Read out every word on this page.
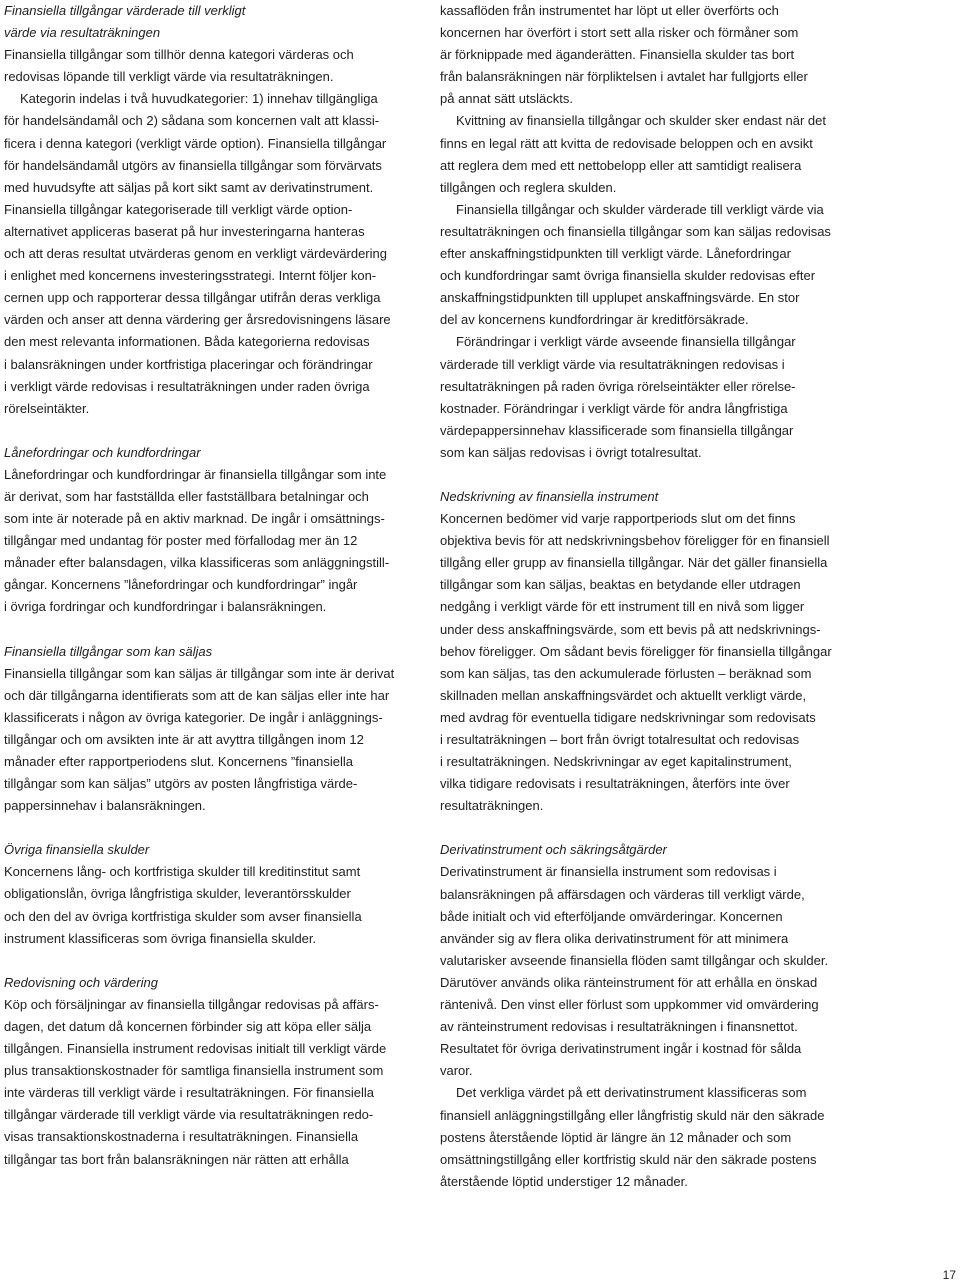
Finansiella tillgångar värderade till verkligt
värde via resultaträkningen
Finansiella tillgångar som tillhör denna kategori värderas och
redovisas löpande till verkligt värde via resultaträkningen.
Kategorin indelas i två huvudkategorier: 1) innehav tillgängliga
för handelsändamål och 2) sådana som koncernen valt att klassi-
ficera i denna kategori (verkligt värde option). Finansiella tillgångar
för handelsändamål utgörs av finansiella tillgångar som förvärvats
med huvudsyfte att säljas på kort sikt samt av derivatinstrument.
Finansiella tillgångar kategoriserade till verkligt värde option-
alternativet appliceras baserat på hur investeringarna hanteras
och att deras resultat utvärderas genom en verkligt värdevärdering
i enlighet med koncernens investeringsstrategi. Internt följer kon-
cernen upp och rapporterar dessa tillgångar utifrån deras verkliga
värden och anser att denna värdering ger årsredovisningens läsare
den mest relevanta informationen. Båda kategorierna redovisas
i balansräkningen under kortfristiga placeringar och förändringar
i verkligt värde redovisas i resultaträkningen under raden övriga
rörelseintäkter.
Lånefordringar och kundfordringar
Lånefordringar och kundfordringar är finansiella tillgångar som inte
är derivat, som har fastställda eller fastställbara betalningar och
som inte är noterade på en aktiv marknad. De ingår i omsättnings-
tillgångar med undantag för poster med förfallodag mer än 12
månader efter balansdagen, vilka klassificeras som anläggningstill-
gångar. Koncernens ”lånefordringar och kundfordringar” ingår
i övriga fordringar och kundfordringar i balansräkningen.
Finansiella tillgångar som kan säljas
Finansiella tillgångar som kan säljas är tillgångar som inte är derivat
och där tillgångarna identifierats som att de kan säljas eller inte har
klassificerats i någon av övriga kategorier. De ingår i anläggnings-
tillgångar och om avsikten inte är att avyttra tillgången inom 12
månader efter rapportperiodens slut. Koncernens ”finansiella
tillgångar som kan säljas” utgörs av posten långfristiga värde-
pappersinnehav i balansräkningen.
Övriga finansiella skulder
Koncernens lång- och kortfristiga skulder till kreditinstitut samt
obligationslån, övriga långfristiga skulder, leverantörsskulder
och den del av övriga kortfristiga skulder som avser finansiella
instrument klassificeras som övriga finansiella skulder.
Redovisning och värdering
Köp och försäljningar av finansiella tillgångar redovisas på affärs-
dagen, det datum då koncernen förbinder sig att köpa eller sälja
tillgången. Finansiella instrument redovisas initialt till verkligt värde
plus transaktionskostnader för samtliga finansiella instrument som
inte värderas till verkligt värde i resultaträkningen. För finansiella
tillgångar värderade till verkligt värde via resultaträkningen redo-
visas transaktionskostnaderna i resultaträkningen. Finansiella
tillgångar tas bort från balansräkningen när rätten att erhålla
kassaflöden från instrumentet har löpt ut eller överförts och
koncernen har överfört i stort sett alla risker och förmåner som
är förknippade med äganderätten. Finansiella skulder tas bort
från balansräkningen när förpliktelsen i avtalet har fullgjorts eller
på annat sätt utsläckts.
Kvittning av finansiella tillgångar och skulder sker endast när det
finns en legal rätt att kvitta de redovisade beloppen och en avsikt
att reglera dem med ett nettobelopp eller att samtidigt realisera
tillgången och reglera skulden.
Finansiella tillgångar och skulder värderade till verkligt värde via
resultaträkningen och finansiella tillgångar som kan säljas redovisas
efter anskaffningstidpunkten till verkligt värde. Lånefordringar
och kundfordringar samt övriga finansiella skulder redovisas efter
anskaffningstidpunkten till upplupet anskaffningsvärde. En stor
del av koncernens kundfordringar är kreditförsäkrade.
Förändringar i verkligt värde avseende finansiella tillgångar
värderade till verkligt värde via resultaträkningen redovisas i
resultaträkningen på raden övriga rörelseintäkter eller rörelse-
kostnader. Förändringar i verkligt värde för andra långfristiga
värdepappersinnehav klassificerade som finansiella tillgångar
som kan säljas redovisas i övrigt totalresultat.
Nedskrivning av finansiella instrument
Koncernen bedömer vid varje rapportperiods slut om det finns
objektiva bevis för att nedskrivningsbehov föreligger för en finansiell
tillgång eller grupp av finansiella tillgångar. När det gäller finansiella
tillgångar som kan säljas, beaktas en betydande eller utdragen
nedgång i verkligt värde för ett instrument till en nivå som ligger
under dess anskaffningsvärde, som ett bevis på att nedskrivnings-
behov föreligger. Om sådant bevis föreligger för finansiella tillgångar
som kan säljas, tas den ackumulerade förlusten – beräknad som
skillnaden mellan anskaffningsvärdet och aktuellt verkligt värde,
med avdrag för eventuella tidigare nedskrivningar som redovisats
i resultaträkningen – bort från övrigt totalresultat och redovisas
i resultaträkningen. Nedskrivningar av eget kapitalinstrument,
vilka tidigare redovisats i resultaträkningen, återförs inte över
resultaträkningen.
Derivatinstrument och säkringsåtgärder
Derivatinstrument är finansiella instrument som redovisas i
balansräkningen på affärsdagen och värderas till verkligt värde,
både initialt och vid efterföljande omvärderingar. Koncernen
använder sig av flera olika derivatinstrument för att minimera
valutarisker avseende finansiella flöden samt tillgångar och skulder.
Därutöver används olika ränteinstrument för att erhålla en önskad
räntenivå. Den vinst eller förlust som uppkommer vid omvärdering
av ränteinstrument redovisas i resultaträkningen i finansnettot.
Resultatet för övriga derivatinstrument ingår i kostnad för sålda
varor.
Det verkliga värdet på ett derivatinstrument klassificeras som
finansiell anläggningstillgång eller långfristig skuld när den säkrade
postens återstående löptid är längre än 12 månader och som
omsättningstillgång eller kortfristig skuld när den säkrade postens
återstående löptid understiger 12 månader.
17
